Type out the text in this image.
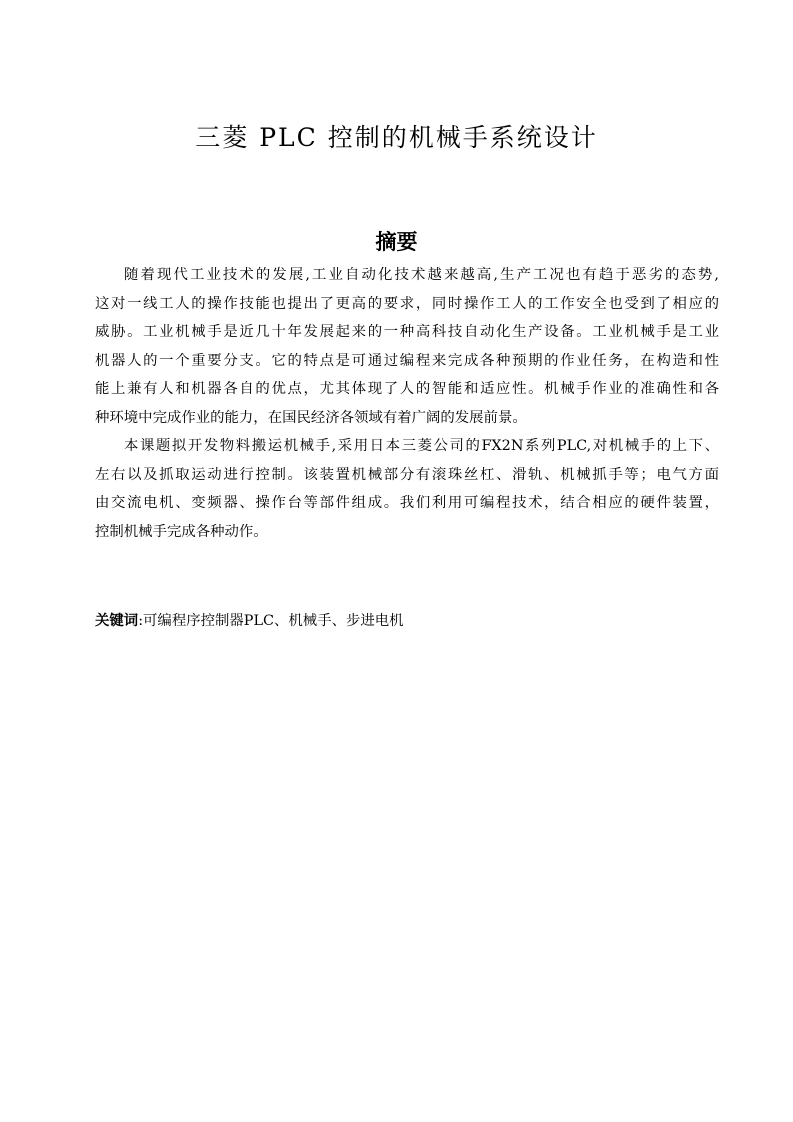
三菱 PLC 控制的机械手系统设计
摘要
随着现代工业技术的发展,工业自动化技术越来越高,生产工况也有趋于恶劣的态势,
这对一线工人的操作技能也提出了更高的要求，同时操作工人的工作安全也受到了相应的
威胁。工业机械手是近几十年发展起来的一种高科技自动化生产设备。工业机械手是工业
机器人的一个重要分支。它的特点是可通过编程来完成各种预期的作业任务，在构造和性
能上兼有人和机器各自的优点，尤其体现了人的智能和适应性。机械手作业的准确性和各
种环境中完成作业的能力，在国民经济各领域有着广阔的发展前景。
本课题拟开发物料搬运机械手,采用日本三菱公司的FX2N系列PLC,对机械手的上下、
左右以及抓取运动进行控制。该装置机械部分有滚珠丝杠、滑轨、机械抓手等；电气方面
由交流电机、变频器、操作台等部件组成。我们利用可编程技术，结合相应的硬件装置，
控制机械手完成各种动作。
关键词:可编程序控制器PLC、机械手、步进电机
